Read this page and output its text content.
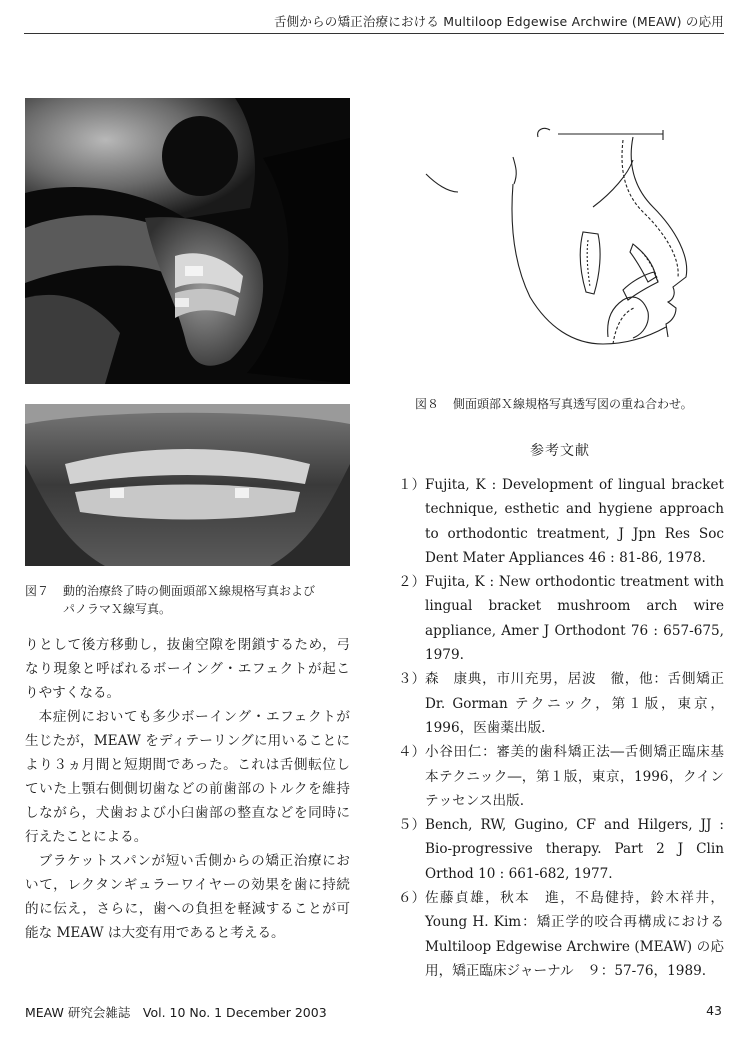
舌側からの矯正治療における Multiloop Edgewise Archwire (MEAW) の応用
図７ 動的治療終了時の側面頭部Ｘ線規格写真および
パノラマＸ線写真。
図８ 側面頭部Ｘ線規格写真透写図の重ね合わせ。

りとして後方移動し，抜歯空隙を閉鎖するため，弓なり現象と呼ばれるボーイング・エフェクトが起こりやすくなる。

本症例においても多少ボーイング・エフェクトが生じたが，MEAW をディテーリングに用いることにより３ヵ月間と短期間であった。これは舌側転位していた上顎右側側切歯などの前歯部のトルクを維持しながら，犬歯および小臼歯部の整直などを同時に行えたことによる。

ブラケットスパンが短い舌側からの矯正治療において，レクタンギュラーワイヤーの効果を歯に持続的に伝え，さらに，歯への負担を軽減することが可能な MEAW は大変有用であると考える。

参考文献
１） Fujita, K : Development of lingual bracket technique, esthetic and hygiene approach to orthodontic treatment, J Jpn Res Soc Dent Mater Appliances 46 : 81-86, 1978.
２） Fujita, K : New orthodontic treatment with lingual bracket mushroom arch wire appliance, Amer J Orthodont 76 : 657-675, 1979.
３） 森　康典，市川充男，居波　徹，他：舌側矯正 Dr. Gorman テクニック，第１版，東京，1996，医歯薬出版.
４） 小谷田仁：審美的歯科矯正法―舌側矯正臨床基本テクニック―，第１版，東京，1996，クインテッセンス出版.
５） Bench, RW, Gugino, CF and Hilgers, JJ : Bio-progressive therapy. Part 2 J Clin Orthod 10 : 661-682, 1977.
６） 佐藤貞雄，秋本　進，不島健持，鈴木祥井，Young H. Kim：矯正学的咬合再構成における Multiloop Edgewise Archwire (MEAW) の応用，矯正臨床ジャーナル　９：57-76，1989.
MEAW 研究会雑誌　Vol. 10 No. 1 December 2003	43
